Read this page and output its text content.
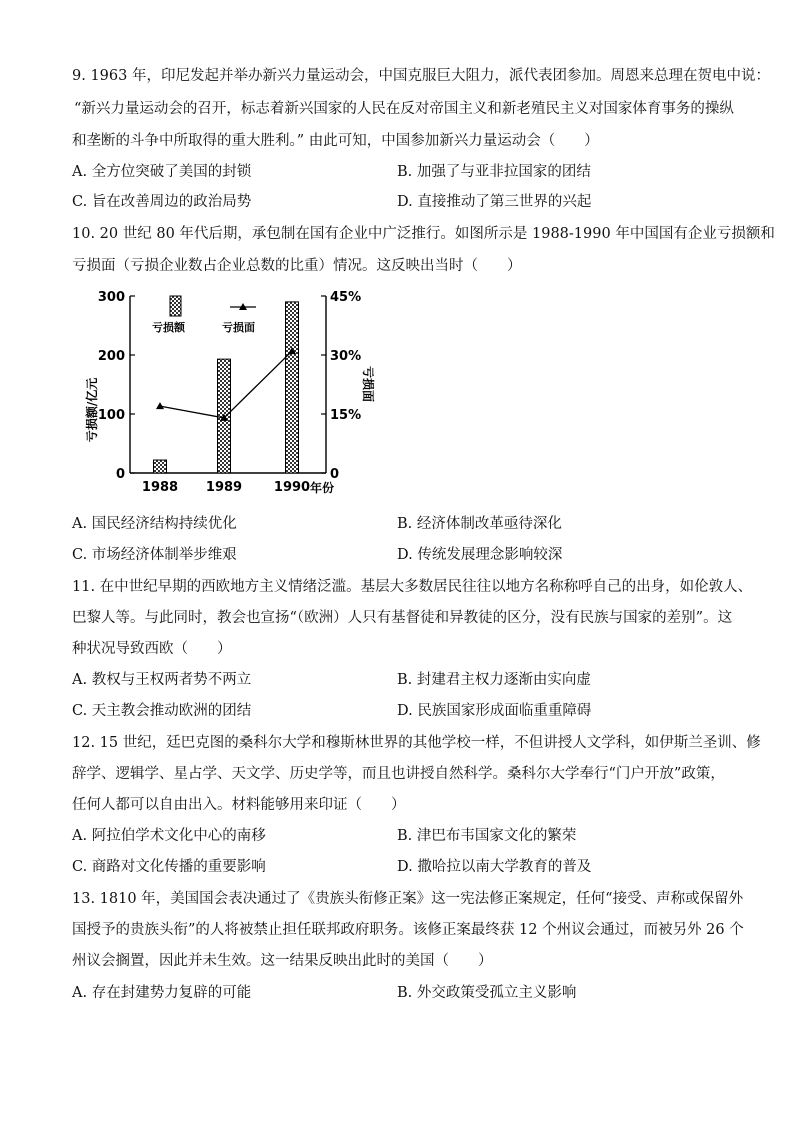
9. 1963 年，印尼发起并举办新兴力量运动会，中国克服巨大阻力，派代表团参加。周恩来总理在贺电中说：
“新兴力量运动会的召开，标志着新兴国家的人民在反对帝国主义和新老殖民主义对国家体育事务的操纵
和垄断的斗争中所取得的重大胜利。” 由此可知，中国参加新兴力量运动会（　　）
A. 全方位突破了美国的封锁	B. 加强了与亚非拉国家的团结
C. 旨在改善周边的政治局势	D. 直接推动了第三世界的兴起
10. 20 世纪 80 年代后期，承包制在国有企业中广泛推行。如图所示是 1988-1990 年中国国有企业亏损额和
亏损面（亏损企业数占企业总数的比重）情况。这反映出当时（　　）
0
100
200
300
0
15%
30%
45%
1988 1989 1990
亏损额/亿元	亏损面
年份
亏损额	亏损面
A. 国民经济结构持续优化	B. 经济体制改革亟待深化
C. 市场经济体制举步维艰	D. 传统发展理念影响较深
11. 在中世纪早期的西欧地方主义情绪泛滥。基层大多数居民往往以地方名称称呼自己的出身，如伦敦人、
巴黎人等。与此同时，教会也宣扬“（欧洲）人只有基督徒和异教徒的区分，没有民族与国家的差别”。这
种状况导致西欧（　　）
A. 教权与王权两者势不两立	B. 封建君主权力逐渐由实向虚
C. 天主教会推动欧洲的团结	D. 民族国家形成面临重重障碍
12. 15 世纪，廷巴克图的桑科尔大学和穆斯林世界的其他学校一样，不但讲授人文学科，如伊斯兰圣训、修
辞学、逻辑学、星占学、天文学、历史学等，而且也讲授自然科学。桑科尔大学奉行“门户开放”政策，
任何人都可以自由出入。材料能够用来印证（　　）
A. 阿拉伯学术文化中心的南移	B. 津巴布韦国家文化的繁荣
C. 商路对文化传播的重要影响	D. 撒哈拉以南大学教育的普及
13. 1810 年，美国国会表决通过了《贵族头衔修正案》这一宪法修正案规定，任何“接受、声称或保留外
国授予的贵族头衔”的人将被禁止担任联邦政府职务。该修正案最终获 12 个州议会通过，而被另外 26 个
州议会搁置，因此并未生效。这一结果反映出此时的美国（　　）
A. 存在封建势力复辟的可能	B. 外交政策受孤立主义影响
